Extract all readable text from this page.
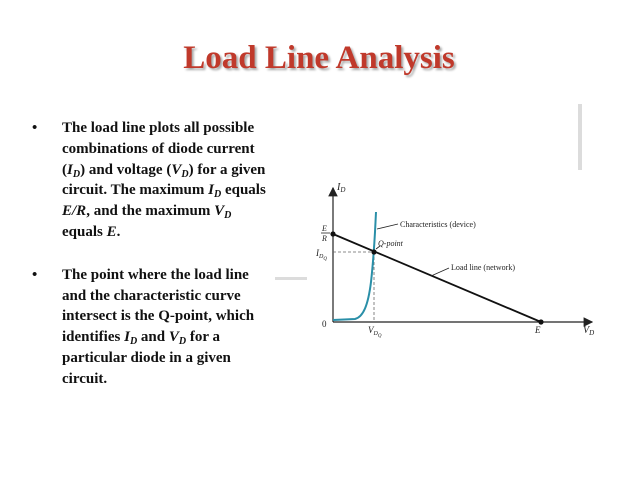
Load Line Analysis
• The load line plots all possible combinations of diode current $(I_D)$ and voltage $(V_D)$ for a given circuit. The maximum $I_D$ equals E/R, and the maximum $V_D$ equals E.
• The point where the load line and the characteristic curve intersect is the Q-point, which identifies $I_D$ and $V_D$ for a particular diode in a given circuit.
$I_D$
$V_D$
0
E
R
$I_{DQ}$
$V_{DQ}$
E
Characteristics (device)
Q-point
Load line (network)
